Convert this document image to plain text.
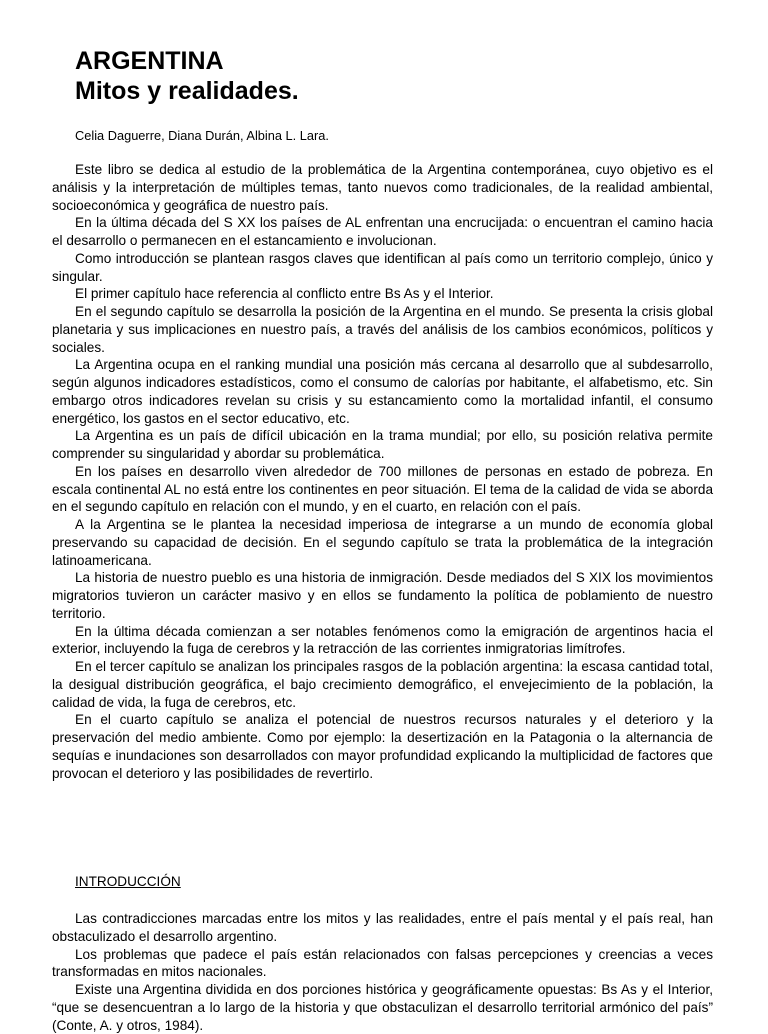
ARGENTINA
Mitos y realidades.

Celia Daguerre, Diana Durán, Albina L. Lara.

Este libro se dedica al estudio de la problemática de la Argentina contemporánea, cuyo objetivo es el análisis y la interpretación de múltiples temas, tanto nuevos como tradicionales, de la realidad ambiental, socioeconómica y geográfica de nuestro país.

En la última década del S XX los países de AL enfrentan una encrucijada: o encuentran el camino hacia el desarrollo o permanecen en el estancamiento e involucionan.

Como introducción se plantean rasgos claves que identifican al país como un territorio complejo, único y singular.

El primer capítulo hace referencia al conflicto entre Bs As y el Interior.

En el segundo capítulo se desarrolla la posición de la Argentina en el mundo. Se presenta la crisis global planetaria y sus implicaciones en nuestro país, a través del análisis de los cambios económicos, políticos y sociales.

La Argentina ocupa en el ranking mundial una posición más cercana al desarrollo que al subdesarrollo, según algunos indicadores estadísticos, como el consumo de calorías por habitante, el alfabetismo, etc. Sin embargo otros indicadores revelan su crisis y su estancamiento como la mortalidad infantil, el consumo energético, los gastos en el sector educativo, etc.

La Argentina es un país de difícil ubicación en la trama mundial; por ello, su posición relativa permite comprender su singularidad y abordar su problemática.

En los países en desarrollo viven alrededor de 700 millones de personas en estado de pobreza. En escala continental AL no está entre los continentes en peor situación. El tema de la calidad de vida se aborda en el segundo capítulo en relación con el mundo, y en el cuarto, en relación con el país.

A la Argentina se le plantea la necesidad imperiosa de integrarse a un mundo de economía global preservando su capacidad de decisión. En el segundo capítulo se trata la problemática de la integración latinoamericana.

La historia de nuestro pueblo es una historia de inmigración. Desde mediados del S XIX los movimientos migratorios tuvieron un carácter masivo y en ellos se fundamento la política de poblamiento de nuestro territorio.

En la última década comienzan a ser notables fenómenos como la emigración de argentinos hacia el exterior, incluyendo la fuga de cerebros y la retracción de las corrientes inmigratorias limítrofes.

En el tercer capítulo se analizan los principales rasgos de la población argentina: la escasa cantidad total, la desigual distribución geográfica, el bajo crecimiento demográfico, el envejecimiento de la población, la calidad de vida, la fuga de cerebros, etc.

En el cuarto capítulo se analiza el potencial de nuestros recursos naturales y el deterioro y la preservación del medio ambiente. Como por ejemplo: la desertización en la Patagonia o la alternancia de sequías e inundaciones son desarrollados con mayor profundidad explicando la multiplicidad de factores que provocan el deterioro y las posibilidades de revertirlo.

INTRODUCCIÓN

Las contradicciones marcadas entre los mitos y las realidades, entre el país mental y el país real, han obstaculizado el desarrollo argentino.

Los problemas que padece el país están relacionados con falsas percepciones y creencias a veces transformadas en mitos nacionales.

Existe una Argentina dividida en dos porciones histórica y geográficamente opuestas: Bs As y el Interior, “que se desencuentran a lo largo de la historia y que obstaculizan el desarrollo territorial armónico del país” (Conte, A. y otros, 1984).
